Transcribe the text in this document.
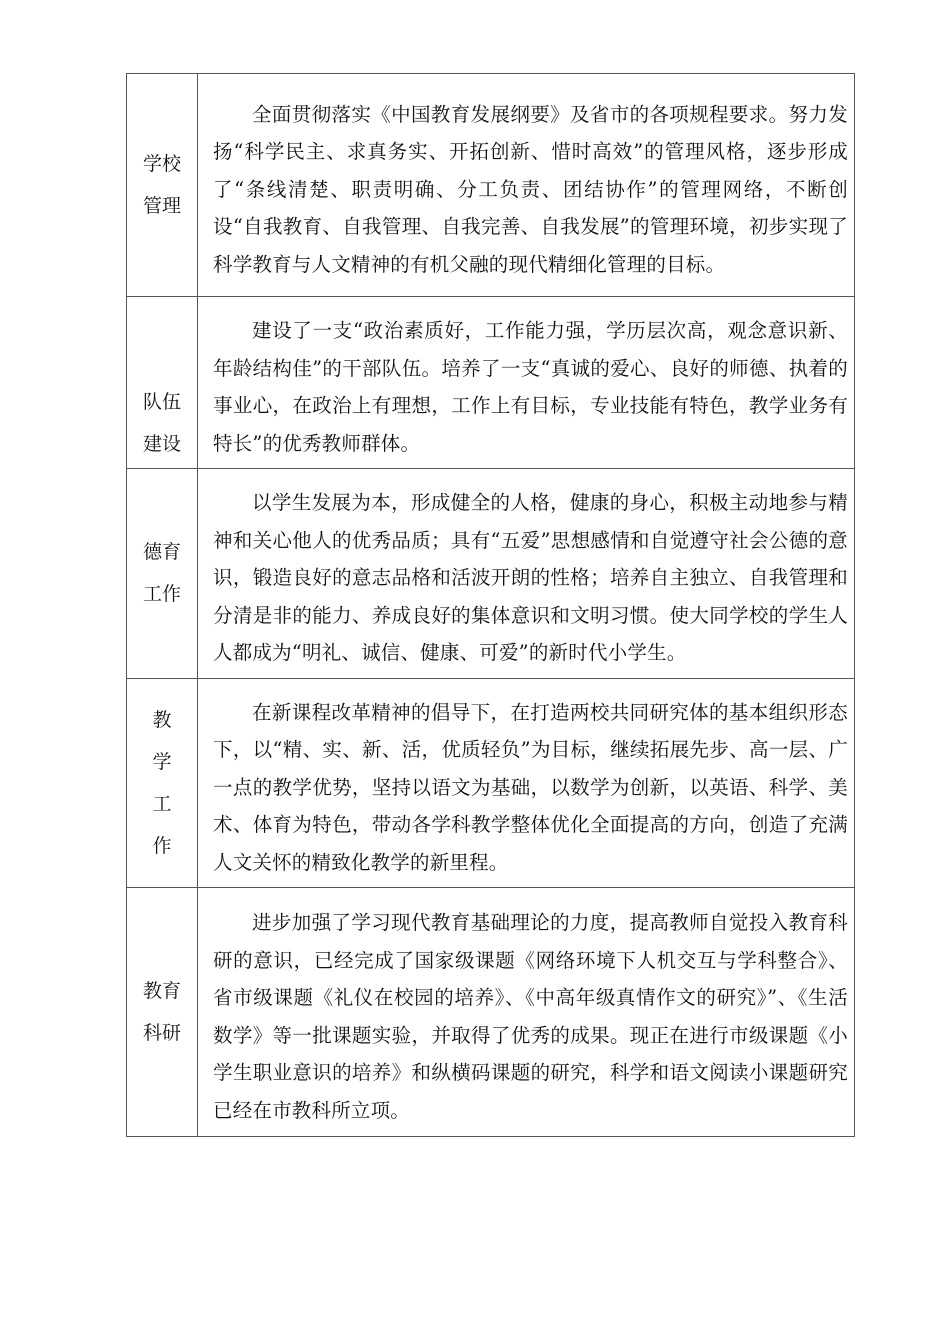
学校管理	全面贯彻落实《中国教育发展纲要》及省市的各项规程要求。努力发扬“科学民主、求真务实、开拓创新、惜时高效”的管理风格，逐步形成了“条线清楚、职责明确、分工负责、团结协作”的管理网络，不断创设“自我教育、自我管理、自我完善、自我发展”的管理环境，初步实现了科学教育与人文精神的有机父融的现代精细化管理的目标。

队伍建设	建设了一支“政治素质好，工作能力强，学历层次高，观念意识新、年龄结构佳”的干部队伍。培养了一支“真诚的爱心、良好的师德、执着的事业心，在政治上有理想，工作上有目标，专业技能有特色，教学业务有特长”的优秀教师群体。

德育工作	以学生发展为本，形成健全的人格，健康的身心，积极主动地参与精神和关心他人的优秀品质；具有“五爱”思想感情和自觉遵守社会公德的意识，锻造良好的意志品格和活波开朗的性格；培养自主独立、自我管理和分清是非的能力、养成良好的集体意识和文明习惯。使大同学校的学生人人都成为“明礼、诚信、健康、可爱”的新时代小学生。

教学工作	在新课程改革精神的倡导下，在打造两校共同研究体的基本组织形态下，以“精、实、新、活，优质轻负”为目标，继续拓展先步、高一层、广一点的教学优势，坚持以语文为基础，以数学为创新，以英语、科学、美术、体育为特色，带动各学科教学整体优化全面提高的方向，创造了充满人文关怀的精致化教学的新里程。

教育科研	进步加强了学习现代教育基础理论的力度，提高教师自觉投入教育科研的意识，已经完成了国家级课题《网络环境下人机交互与学科整合》、省市级课题《礼仪在校园的培养》、《中高年级真情作文的研究》”、《生活数学》等一批课题实验，并取得了优秀的成果。现正在进行市级课题《小学生职业意识的培养》和纵横码课题的研究，科学和语文阅读小课题研究已经在市教科所立项。
